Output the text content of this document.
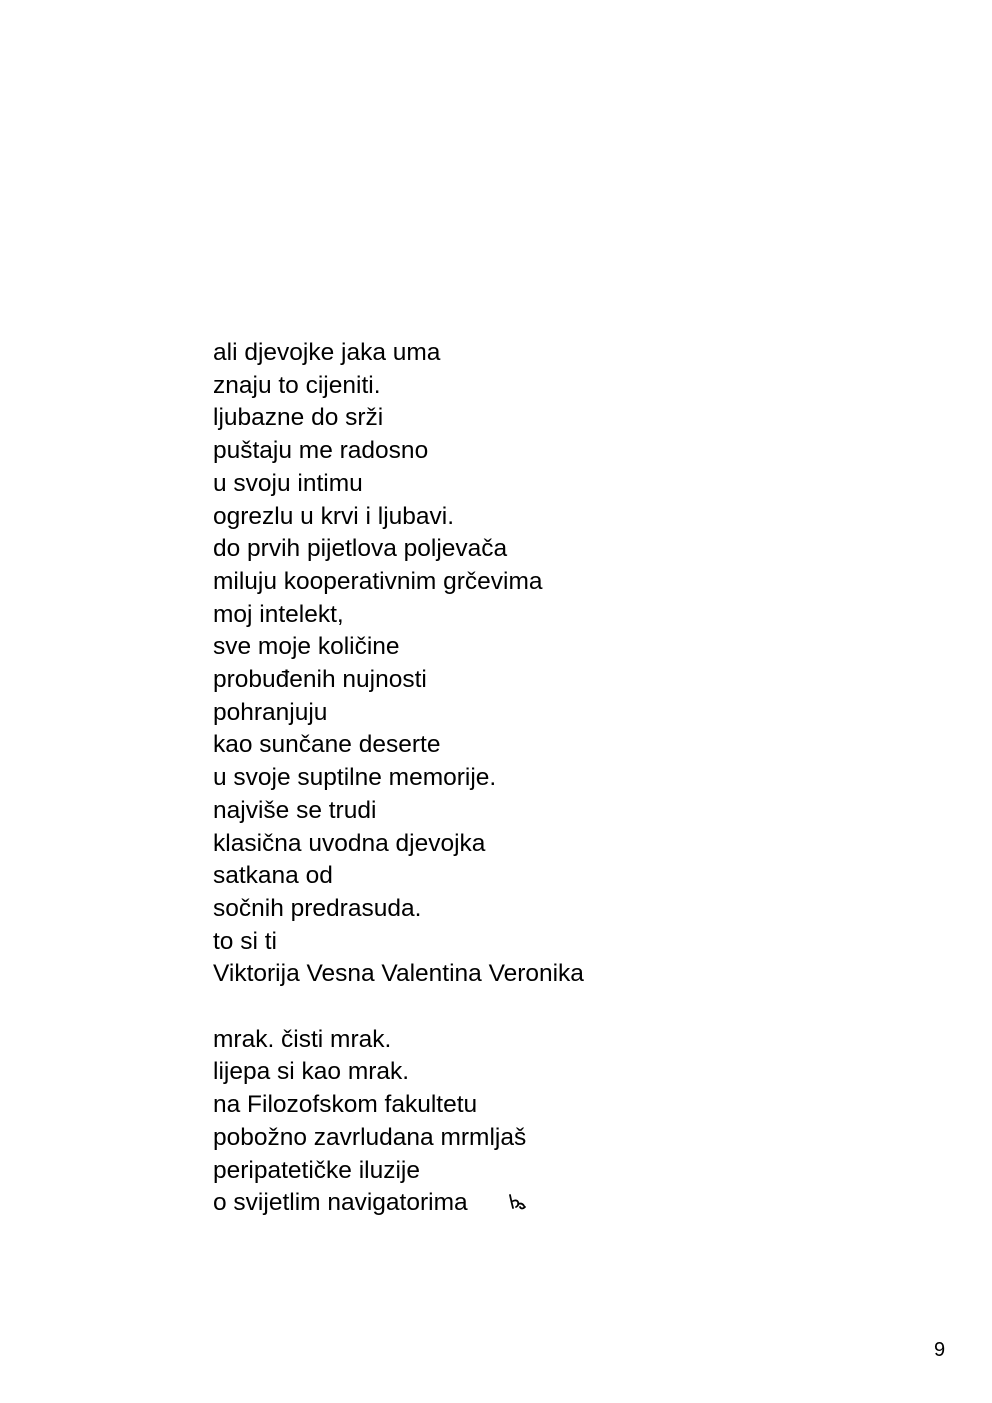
ali djevojke jaka uma
znaju to cijeniti.
ljubazne do srži
puštaju me radosno
u svoju intimu
ogrezlu u krvi i ljubavi.
do prvih pijetlova poljevača
miluju kooperativnim grčevima
moj intelekt,
sve moje količine
probuđenih nujnosti
pohranjuju
kao sunčane deserte
u svoje suptilne memorije.
najviše se trudi
klasična uvodna djevojka
satkana od
sočnih predrasuda.
to si ti
Viktorija Vesna Valentina Veronika

mrak. čisti mrak.
lijepa si kao mrak.
na Filozofskom fakultetu
pobožno zavrludana mrmljaš
peripatetičke iluzije
o svijetlim navigatorima

9
